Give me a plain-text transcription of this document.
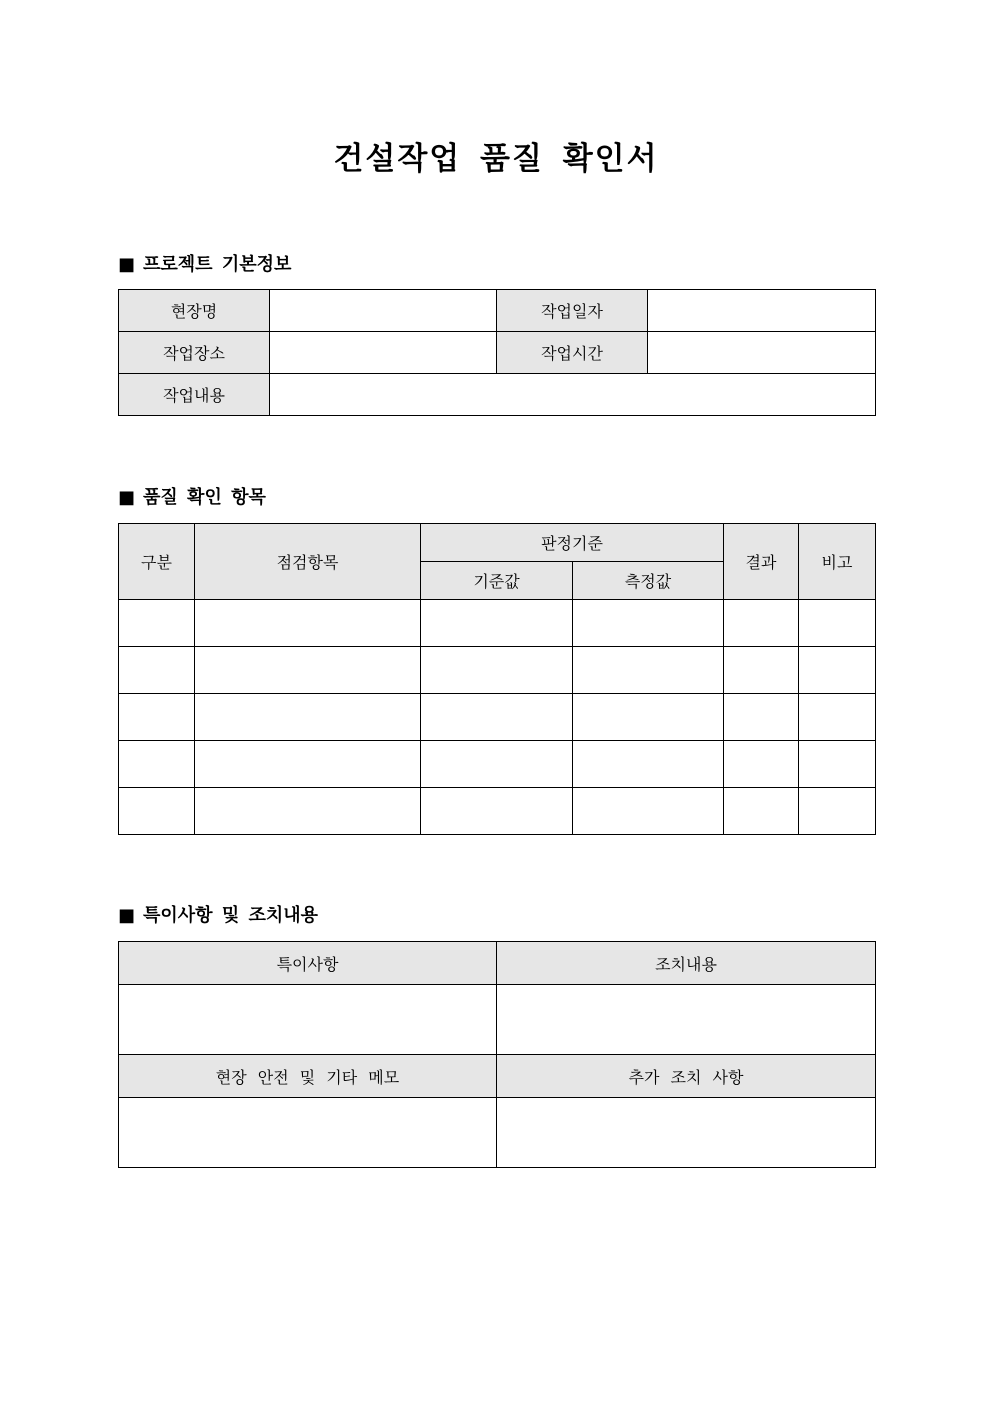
건설작업 품질 확인서
■ 프로젝트 기본정보
현장명		작업일자	
작업장소		작업시간	
작업내용			
■ 품질 확인 항목
구분	점검항목	판정기준		결과	비고
		기준값	측정값		

■ 특이사항 및 조치내용
특이사항	조치내용

현장 안전 및 기타 메모	추가 조치 사항
